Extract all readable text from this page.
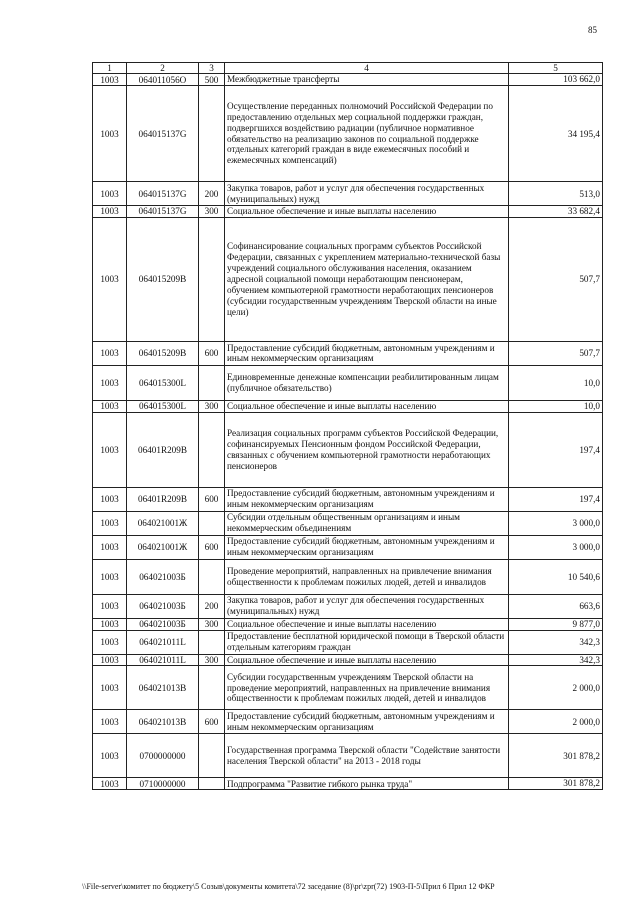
85
1	2	3	4	5
1003	064011056O	500	Межбюджетные трансферты	103 662,0
1003	064015137G		Осуществление переданных полномочий Российской Федерации по предоставлению отдельных мер социальной поддержки граждан, подвергшихся воздействию радиации (публичное нормативное обязательство на реализацию законов по социальной поддержке отдельных категорий граждан в виде ежемесячных пособий и ежемесячных компенсаций)	34 195,4
1003	064015137G	200	Закупка товаров, работ и услуг для обеспечения государственных (муниципальных) нужд	513,0
1003	064015137G	300	Социальное обеспечение и иные выплаты населению	33 682,4
1003	064015209B		Софинансирование социальных программ субъектов Российской Федерации, связанных с укреплением материально-технической базы учреждений социального обслуживания населения, оказанием адресной социальной помощи неработающим пенсионерам, обучением компьютерной грамотности неработающих пенсионеров (субсидии государственным учреждениям Тверской области на иные цели)	507,7
1003	064015209B	600	Предоставление субсидий бюджетным, автономным учреждениям и иным некоммерческим организациям	507,7
1003	064015300L		Единовременные денежные компенсации реабилитированным лицам (публичное обязательство)	10,0
1003	064015300L	300	Социальное обеспечение и иные выплаты населению	10,0
1003	06401R209B		Реализация социальных программ субъектов Российской Федерации, софинансируемых Пенсионным фондом Российской Федерации, связанных с обучением компьютерной грамотности неработающих пенсионеров	197,4
1003	06401R209B	600	Предоставление субсидий бюджетным, автономным учреждениям и иным некоммерческим организациям	197,4
1003	064021001Ж		Субсидии отдельным общественным организациям и иным некоммерческим объединениям	3 000,0
1003	064021001Ж	600	Предоставление субсидий бюджетным, автономным учреждениям и иным некоммерческим организациям	3 000,0
1003	064021003Б		Проведение мероприятий, направленных на привлечение внимания общественности к проблемам пожилых людей, детей и инвалидов	10 540,6
1003	064021003Б	200	Закупка товаров, работ и услуг для обеспечения государственных (муниципальных) нужд	663,6
1003	064021003Б	300	Социальное обеспечение и иные выплаты населению	9 877,0
1003	064021011L		Предоставление бесплатной юридической помощи в Тверской области отдельным категориям граждан	342,3
1003	064021011L	300	Социальное обеспечение и иные выплаты населению	342,3
1003	064021013В		Субсидии государственным учреждениям Тверской области на проведение мероприятий, направленных на привлечение внимания общественности к проблемам пожилых людей, детей и инвалидов	2 000,0
1003	064021013В	600	Предоставление субсидий бюджетным, автономным учреждениям и иным некоммерческим организациям	2 000,0
1003	0700000000		Государственная программа Тверской области "Содействие занятости населения Тверской области" на 2013 - 2018 годы	301 878,2
1003	0710000000		Подпрограмма "Развитие гибкого рынка труда"	301 878,2
\\File-server\комитет по бюджету\5 Созыв\документы комитета\72 заседание (8)\pr\zpr(72) 1903-П-5\Прил 6 Прил 12 ФКР
